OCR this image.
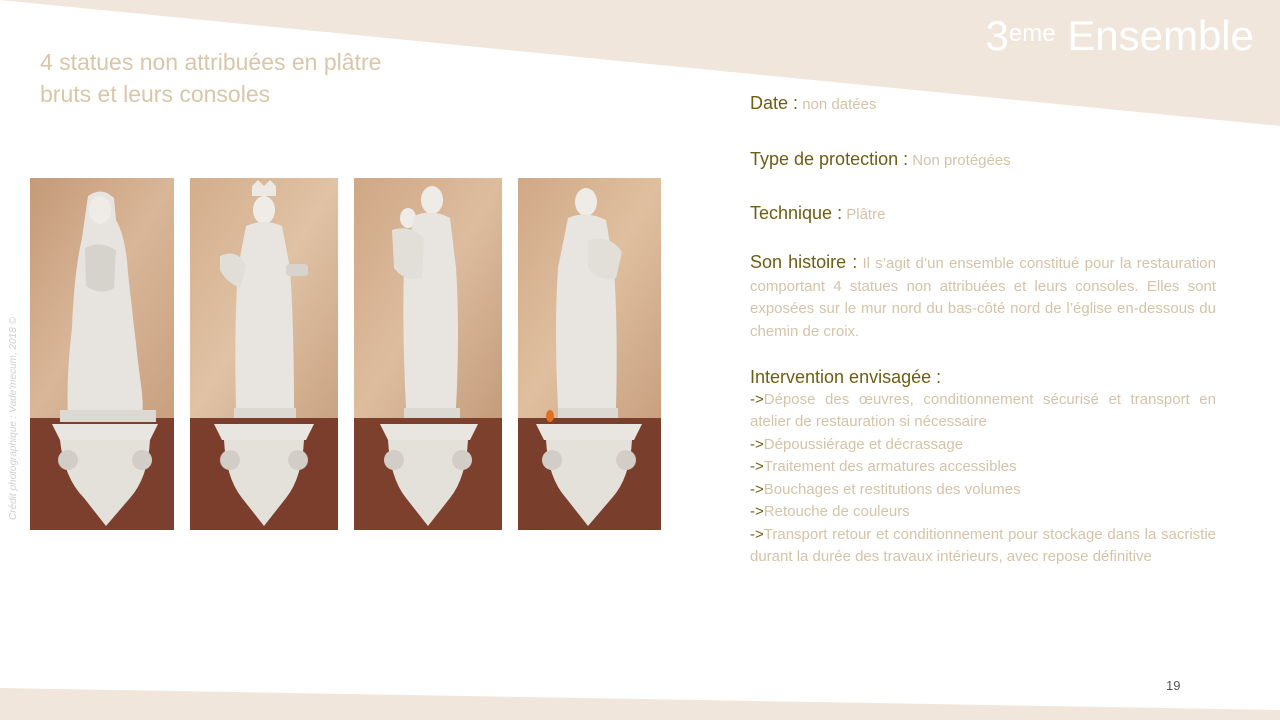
3eme Ensemble
4 statues non attribuées en plâtre bruts et leurs consoles
Crédit photographique : Vade'mecum, 2018 ©
Date : non datées
Type de protection : Non protégées
Technique : Plâtre
Son histoire : Il s’agit d’un ensemble constitué pour la restauration comportant 4 statues non attribuées et leurs consoles. Elles sont exposées sur le mur nord du bas-côté nord de l’église en-dessous du chemin de croix.
Intervention envisagée :
->Dépose des œuvres, conditionnement sécurisé et transport en atelier de restauration si nécessaire
->Dépoussiérage et décrassage
->Traitement des armatures accessibles
->Bouchages et restitutions des volumes
->Retouche de couleurs
->Transport retour et conditionnement pour stockage dans la sacristie durant la durée des travaux intérieurs, avec repose définitive
19
